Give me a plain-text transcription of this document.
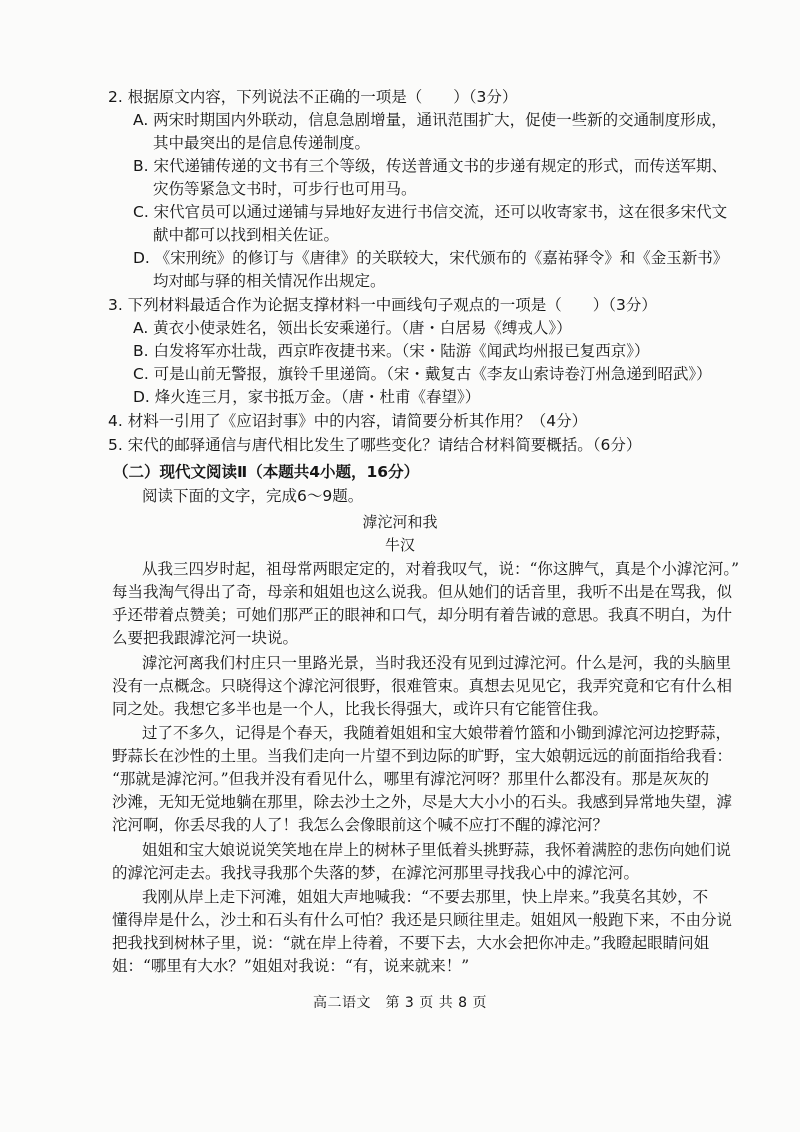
2. 根据原文内容，下列说法不正确的一项是（　　）（3分）

A. 两宋时期国内外联动，信息急剧增量，通讯范围扩大，促使一些新的交通制度形成，

其中最突出的是信息传递制度。

B. 宋代递铺传递的文书有三个等级，传送普通文书的步递有规定的形式，而传送军期、

灾伤等紧急文书时，可步行也可用马。

C. 宋代官员可以通过递铺与异地好友进行书信交流，还可以收寄家书，这在很多宋代文

献中都可以找到相关佐证。

D. 《宋刑统》的修订与《唐律》的关联较大，宋代颁布的《嘉祐驿令》和《金玉新书》

均对邮与驿的相关情况作出规定。

3. 下列材料最适合作为论据支撑材料一中画线句子观点的一项是（　　）（3分）

A. 黄衣小使录姓名，领出长安乘递行。（唐・白居易《缚戎人》）

B. 白发将军亦壮哉，西京昨夜捷书来。（宋・陆游《闻武均州报已复西京》）

C. 可是山前无警报，旗铃千里递筒。（宋・戴复古《李友山索诗卷汀州急递到昭武》）

D. 烽火连三月，家书抵万金。（唐・杜甫《春望》）

4. 材料一引用了《应诏封事》中的内容，请简要分析其作用？（4分）

5. 宋代的邮驿通信与唐代相比发生了哪些变化？请结合材料简要概括。（6分）

（二）现代文阅读Ⅱ（本题共4小题，16分）

阅读下面的文字，完成6～9题。

滹沱河和我

牛汉

从我三四岁时起，祖母常两眼定定的，对着我叹气，说：“你这脾气，真是个小滹沱河。”

每当我淘气得出了奇，母亲和姐姐也这么说我。但从她们的话音里，我听不出是在骂我，似

乎还带着点赞美；可她们那严正的眼神和口气，却分明有着告诫的意思。我真不明白，为什

么要把我跟滹沱河一块说。

滹沱河离我们村庄只一里路光景，当时我还没有见到过滹沱河。什么是河，我的头脑里

没有一点概念。只晓得这个滹沱河很野，很难管束。真想去见见它，我弄究竟和它有什么相

同之处。我想它多半也是一个人，比我长得强大，或许只有它能管住我。

过了不多久，记得是个春天，我随着姐姐和宝大娘带着竹篮和小锄到滹沱河边挖野蒜，

野蒜长在沙性的土里。当我们走向一片望不到边际的旷野，宝大娘朝远远的前面指给我看：

“那就是滹沱河。”但我并没有看见什么，哪里有滹沱河呀？那里什么都没有。那是灰灰的

沙滩，无知无觉地躺在那里，除去沙土之外，尽是大大小小的石头。我感到异常地失望，滹

沱河啊，你丢尽我的人了！我怎么会像眼前这个喊不应打不醒的滹沱河？

姐姐和宝大娘说说笑笑地在岸上的树林子里低着头挑野蒜，我怀着满腔的悲伤向她们说

的滹沱河走去。我找寻我那个失落的梦，在滹沱河那里寻找我心中的滹沱河。

我刚从岸上走下河滩，姐姐大声地喊我：“不要去那里，快上岸来。”我莫名其妙，不

懂得岸是什么，沙土和石头有什么可怕？我还是只顾往里走。姐姐风一般跑下来，不由分说

把我找到树林子里，说：“就在岸上待着，不要下去，大水会把你冲走。”我瞪起眼睛问姐

姐：“哪里有大水？”姐姐对我说：“有，说来就来！”

高二语文　第 3 页 共 8 页
